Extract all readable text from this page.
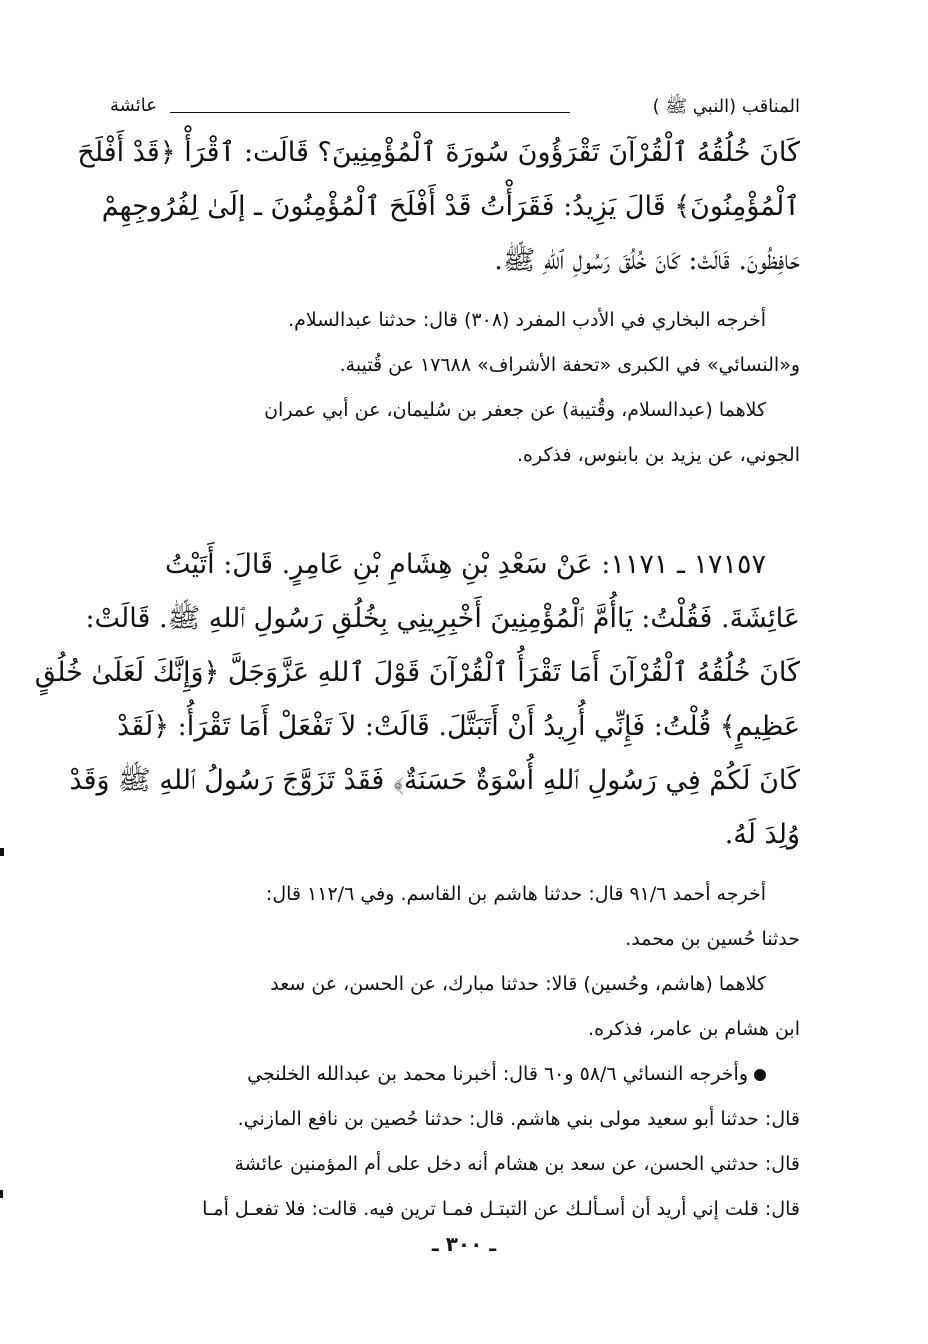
المناقب (النبي ﷺ )
عائشة
كَانَ خُلُقُهُ ٱلْقُرْآنَ تَقْرَؤُونَ سُورَةَ ٱلْمُؤْمِنِينَ؟ قَالَت: ٱقْرَأْ ﴿قَدْ أَفْلَحَ
ٱلْمُؤْمِنُونَ﴾ قَالَ يَزِيدُ: فَقَرَأْتُ قَدْ أَفْلَحَ ٱلْمُؤْمِنُونَ ـ إلَىٰ لِفُرُوجِهِمْ
حَافِظُونَ. قَالَتْ: كَانَ خُلُقَ رَسُولِ ٱللهِ ﷺ.
أخرجه البخاري في الأدب المفرد (٣٠٨) قال: حدثنا عبدالسلام.
و«النسائي» في الكبرى «تحفة الأشراف» ١٧٦٨٨ عن قُتيبة.
كلاهما (عبدالسلام، وقُتيبة) عن جعفر بن سُليمان، عن أبي عمران
الجوني، عن يزيد بن بابنوس، فذكره.
١٧١٥٧ ـ ١١٧١: عَنْ سَعْدِ بْنِ هِشَامِ بْنِ عَامِرٍ. قَالَ: أَتَيْتُ
عَائِشَةَ. فَقُلْتُ: يَاأُمَّ ٱلْمُؤْمِنِينَ أَخْبِرِينِي بِخُلُقِ رَسُولِ ٱللهِ ﷺ. قَالَتْ:
كَانَ خُلُقُهُ ٱلْقُرْآنَ أَمَا تَقْرَأُ ٱلْقُرْآنَ قَوْلَ ٱللهِ عَزَّوَجَلَّ ﴿وَإِنَّكَ لَعَلَىٰ خُلُقٍ
عَظِيمٍ﴾ قُلْتُ: فَإِنِّي أُرِيدُ أَنْ أَتَبَتَّلَ. قَالَتْ: لاَ تَفْعَلْ أَمَا تَقْرَأُ: ﴿لَقَدْ
كَانَ لَكُمْ فِي رَسُولِ ٱللهِ أُسْوَةٌ حَسَنَةٌ﴾ فَقَدْ تَزَوَّجَ رَسُولُ ٱللهِ ﷺ وَقَدْ
وُلِدَ لَهُ.
أخرجه أحمد ٩١/٦ قال: حدثنا هاشم بن القاسم. وفي ١١٢/٦ قال:
حدثنا حُسين بن محمد.
كلاهما (هاشم، وحُسين) قالا: حدثنا مبارك، عن الحسن، عن سعد
ابن هشام بن عامر، فذكره.
وأخرجه النسائي ٥٨/٦ و٦٠ قال: أخبرنا محمد بن عبدالله الخلنجي
قال: حدثنا أبو سعيد مولى بني هاشم. قال: حدثنا حُصين بن نافع المازني.
قال: حدثني الحسن، عن سعد بن هشام أنه دخل على أم المؤمنين عائشة
قال: قلت إني أريد أن أسـألـك عن التبتـل فمـا ترين فيه. قالت: فلا تفعـل أمـا
ـ ٣٠٠ ـ
